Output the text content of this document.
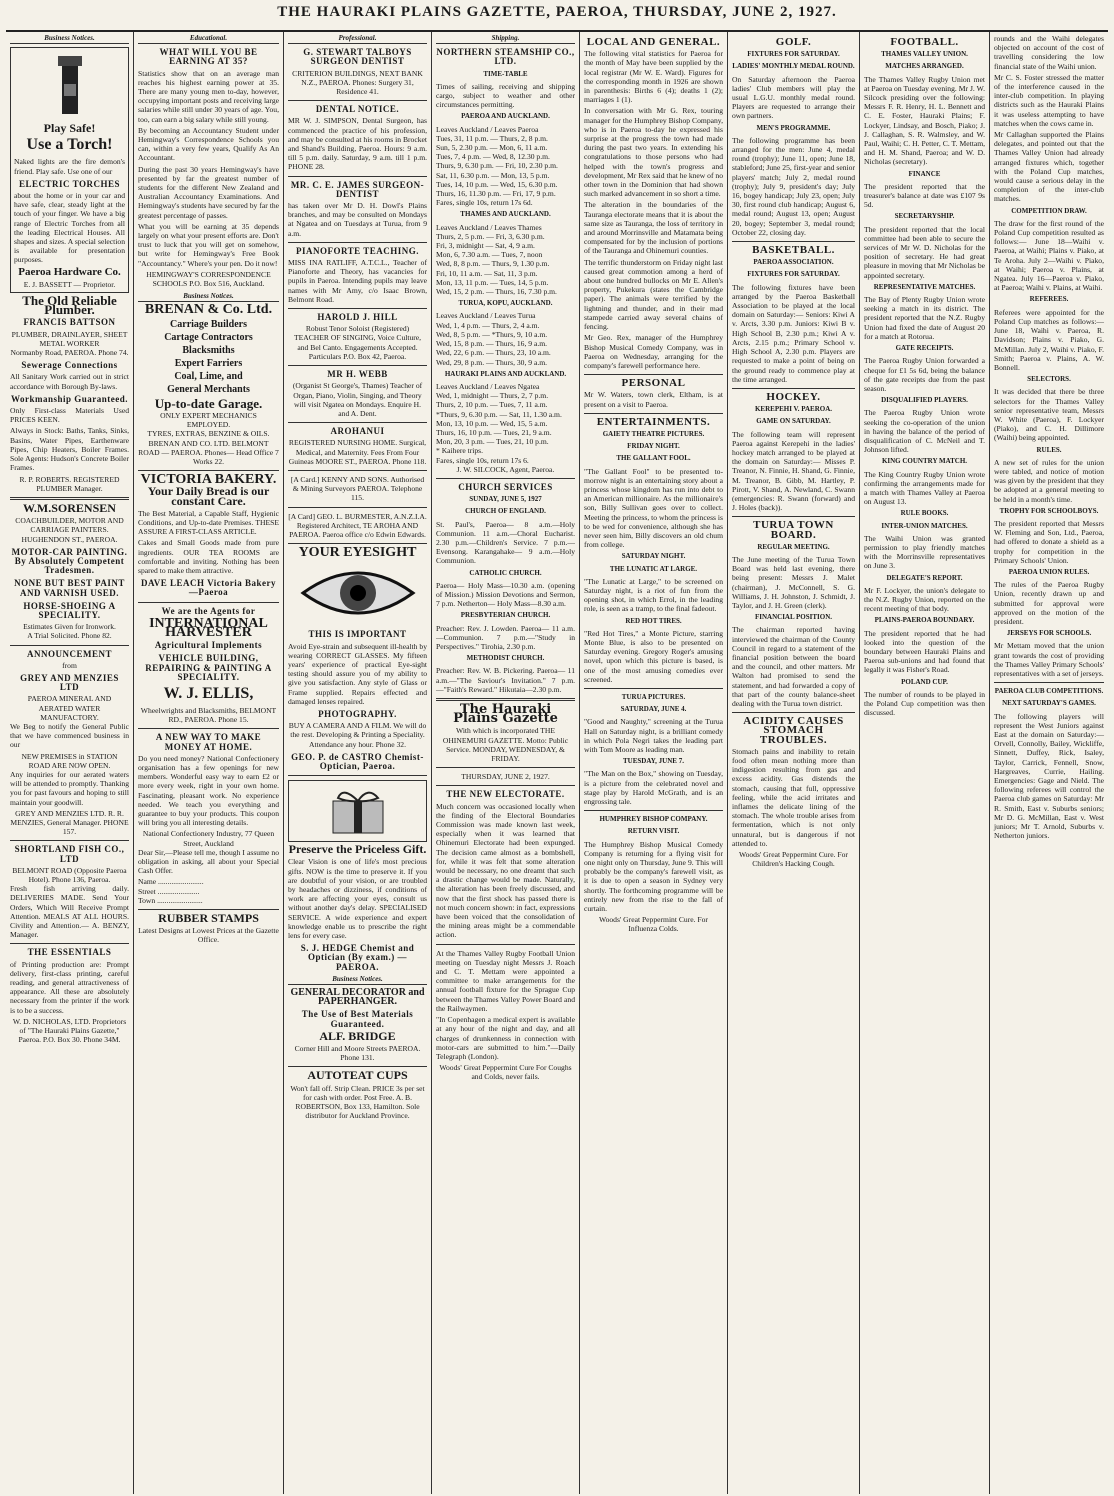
THE HAURAKI PLAINS GAZETTE, PAEROA, THURSDAY, JUNE 2, 1927.
Business Notices.
Play Safe!
Use a Torch!

Naked lights are the fire demon's friend. Play safe. Use one of our

ELECTRIC TORCHES

about the home or in your car and have safe, clear, steady light at the touch of your finger. We have a big range of Electric Torches from all the leading Electrical Houses. All shapes and sizes. A special selection is available for presentation purposes.

Paeroa Hardware Co.
E. J. BASSETT — Proprietor.
The Old Reliable Plumber.
FRANCIS BATTSON
PLUMBER, DRAINLAYER, SHEET METAL WORKER
Normanby Road, PAEROA. Phone 74.
Sewerage Connections

All Sanitary Work carried out in strict accordance with Borough By-laws.

Workmanship Guaranteed.

Only First-class Materials Used PRICES KEEN.

Always in Stock: Baths, Tanks, Sinks, Basins, Water Pipes, Earthenware Pipes, Chip Heaters, Boiler Frames. Sole Agents: Hudson's Concrete Boiler Frames.

R. P. ROBERTS. REGISTERED PLUMBER Manager.
W.M.SORENSEN
COACHBUILDER, MOTOR AND CARRIAGE PAINTERS. HUGHENDON ST., PAEROA.
MOTOR-CAR PAINTING. By Absolutely Competent Tradesmen.
NONE BUT BEST PAINT AND VARNISH USED.
HORSE-SHOEING A SPECIALITY.
Estimates Given for Ironwork.
A Trial Solicited. Phone 82.
ANNOUNCEMENT
from
GREY AND MENZIES LTD
PAEROA MINERAL AND AERATED WATER MANUFACTORY.

We Beg to notify the General Public that we have commenced business in our

NEW PREMISES in STATION ROAD ARE NOW OPEN.

Any inquiries for our aerated waters will be attended to promptly. Thanking you for past favours and hoping to still maintain your goodwill.

GREY AND MENZIES LTD. R. R. MENZIES, General Manager. PHONE 157.
SHORTLAND FISH CO., LTD
BELMONT ROAD (Opposite Paeroa Hotel). Phone 136, Paeroa.

Fresh fish arriving daily. DELIVERIES MADE. Send Your Orders, Which Will Receive Prompt Attention. MEALS AT ALL HOURS. Civility and Attention.— A. BENZY, Manager.

THE ESSENTIALS

of Printing production are: Prompt delivery, first-class printing, careful reading, and general attractiveness of appearance. All these are absolutely necessary from the printer if the work is to be a success.

W. D. NICHOLAS, LTD. Proprietors of "The Hauraki Plains Gazette," Paeroa. P.O. Box 30. Phone 34M.
Educational.
WHAT WILL YOU BE EARNING AT 35?

Statistics show that on an average man reaches his highest earning power at 35. There are many young men to-day, however, occupying important posts and receiving large salaries while still under 30 years of age. You, too, can earn a big salary while still young.

By becoming an Accountancy Student under Hemingway's Correspondence Schools you can, within a very few years, Qualify As An Accountant.

During the past 30 years Hemingway's have presented by far the greatest number of students for the different New Zealand and Australian Accountancy Examinations. And Hemingway's students have secured by far the greatest percentage of passes.

What you will be earning at 35 depends largely on what your present efforts are. Don't trust to luck that you will get on somehow, but write for Hemingway's Free Book "Accountancy." Where's your pen. Do it now!

HEMINGWAY'S CORRESPONDENCE SCHOOLS P.O. Box 516, Auckland.
Business Notices.
BRENAN & Co. Ltd.
Carriage Builders
Cartage Contractors
Blacksmiths
Expert Farriers
Coal, Lime, and
General Merchants
Up-to-date Garage.
ONLY EXPERT MECHANICS EMPLOYED.
TYRES, EXTRAS, BENZINE & OILS.
BRENAN AND CO. LTD. BELMONT ROAD — PAEROA. Phones— Head Office 7 Works 22.
VICTORIA BAKERY.
Your Daily Bread is our constant Care.

The Best Material, a Capable Staff, Hygienic Conditions, and Up-to-date Premises. THESE ASSURE A FIRST-CLASS ARTICLE.

Cakes and Small Goods made from pure ingredients. OUR TEA ROOMS are comfortable and inviting. Nothing has been spared to make them attractive.

DAVE LEACH Victoria Bakery—Paeroa
We are the Agents for
INTERNATIONAL HARVESTER
Agricultural Implements
VEHICLE BUILDING, REPAIRING & PAINTING A SPECIALITY.
W. J. ELLIS,
Wheelwrights and Blacksmiths, BELMONT RD., PAEROA. Phone 15.
A NEW WAY TO MAKE MONEY AT HOME.

Do you need money? National Confectionery organisation has a few openings for new members. Wonderful easy way to earn £2 or more every week, right in your own home. Fascinating, pleasant work. No experience needed. We teach you everything and guarantee to buy your products. This coupon will bring you all interesting details.

National Confectionery Industry, 77 Queen Street, Auckland

Dear Sir,—Please tell me, though I assume no obligation in asking, all about your Special Cash Offer.

Name ........................
Street ......................
Town ........................
RUBBER STAMPS
Latest Designs at Lowest Prices at the Gazette Office.
Professional.
G. STEWART TALBOYS SURGEON DENTIST
CRITERION BUILDINGS, NEXT BANK N.Z., PAEROA. Phones: Surgery 31, Residence 41.
DENTAL NOTICE.

MR W. J. SIMPSON, Dental Surgeon, has commenced the practice of his profession, and may be consulted at his rooms in Brocket and Shand's Building, Paeroa. Hours: 9 a.m. till 5 p.m. daily. Saturday, 9 a.m. till 1 p.m. PHONE 28.

MR. C. E. JAMES SURGEON-DENTIST

has taken over Mr D. H. Dowl's Plains branches, and may be consulted on Mondays at Ngatea and on Tuesdays at Turua, from 9 a.m.

PIANOFORTE TEACHING.

MISS INA RATLIFF, A.T.C.L., Teacher of Pianoforte and Theory, has vacancies for pupils in Paeroa. Intending pupils may leave names with Mr Amy, c/o Isaac Brown, Belmont Road.

HAROLD J. HILL
Robust Tenor Soloist (Registered) TEACHER OF SINGING, Voice Culture, and Bel Canto. Engagements Accepted. Particulars P.O. Box 42, Paeroa.
MR H. WEBB
(Organist St George's, Thames) Teacher of Organ, Piano, Violin, Singing, and Theory will visit Ngatea on Mondays. Enquire H. and A. Dent.
AROHANUI
REGISTERED NURSING HOME. Surgical, Medical, and Maternity. Fees From Four Guineas MOORE ST., PAEROA. Phone 118.
[A Card.] KENNY AND SONS. Authorised & Mining Surveyors PAEROA. Telephone 115.
[A Card] GEO. L. BURMESTER, A.N.Z.I.A. Registered Architect, TE AROHA AND PAEROA. Paeroa office c/o Edwin Edwards.
YOUR EYESIGHT
THIS IS IMPORTANT

Avoid Eye-strain and subsequent ill-health by wearing CORRECT GLASSES. My fifteen years' experience of practical Eye-sight testing should assure you of my ability to give you satisfaction. Any style of Glass or Frame supplied. Repairs effected and damaged lenses repaired.

PHOTOGRAPHY.
BUY A CAMERA AND A FILM. We will do the rest. Developing & Printing a Speciality. Attendance any hour. Phone 32.
GEO. P. de CASTRO Chemist-Optician, Paeroa.
Preserve the Priceless Gift.

Clear Vision is one of life's most precious gifts. NOW is the time to preserve it. If you are doubtful of your vision, or are troubled by headaches or dizziness, if conditions of work are affecting your eyes, consult us without another day's delay. SPECIALISED SERVICE. A wide experience and expert knowledge enable us to prescribe the right lens for every case.

S. J. HEDGE Chemist and Optician (By exam.) — PAEROA.
Business Notices.
GENERAL DECORATOR and PAPERHANGER.
The Use of Best Materials Guaranteed.
ALF. BRIDGE
Corner Hill and Moore Streets PAEROA. Phone 131.
AUTOTEAT CUPS
Won't fall off. Strip Clean. PRICE 3s per set for cash with order. Post Free. A. B. ROBERTSON, Box 133, Hamilton. Sole distributor for Auckland Province.
Shipping.
NORTHERN STEAMSHIP CO., LTD.
TIME-TABLE

Times of sailing, receiving and shipping cargo, subject to weather and other circumstances permitting.

PAEROA AND AUCKLAND.
Leaves Auckland / Leaves Paeroa
Tues, 31, 11 p.m. — Thurs, 2, 8 p.m.
Sun, 5, 2.30 p.m. — Mon, 6, 11 a.m.
Tues, 7, 4 p.m. — Wed, 8, 12.30 p.m.
Thurs, 9, 6.30 p.m. — Fri, 10, 2.30 p.m.
Sat, 11, 6.30 p.m. — Mon, 13, 5 p.m.
Tues, 14, 10 p.m. — Wed, 15, 6.30 p.m.
Thurs, 16, 11.30 p.m. — Fri, 17, 9 p.m.
Fares, single 10s, return 17s 6d.
THAMES AND AUCKLAND.
Leaves Auckland / Leaves Thames
Thurs, 2, 5 p.m. — Fri, 3, 6.30 p.m.
Fri, 3, midnight — Sat, 4, 9 a.m.
Mon, 6, 7.30 a.m. — Tues, 7, noon
Wed, 8, 8 p.m. — Thurs, 9, 1.30 p.m.
Fri, 10, 11 a.m. — Sat, 11, 3 p.m.
Mon, 13, 11 p.m. — Tues, 14, 5 p.m.
Wed, 15, 2 p.m. — Thurs, 16, 7.30 p.m.
TURUA, KOPU, AUCKLAND.
Leaves Auckland / Leaves Turua
Wed, 1, 4 p.m. — Thurs, 2, 4 a.m.
Wed, 8, 5 p.m. — *Thurs, 9, 10 a.m.
Wed, 15, 8 p.m. — Thurs, 16, 9 a.m.
Wed, 22, 6 p.m. — Thurs, 23, 10 a.m.
Wed, 29, 8 p.m. — Thurs, 30, 9 a.m.
HAURAKI PLAINS AND AUCKLAND.
Leaves Auckland / Leaves Ngatea
Wed, 1, midnight — Thurs, 2, 7 p.m.
Thurs, 2, 10 p.m. — Tues, 7, 11 a.m.
*Thurs, 9, 6.30 p.m. — Sat, 11, 1.30 a.m.
Mon, 13, 10 p.m. — Wed, 15, 5 a.m.
Thurs, 16, 10 p.m. — Tues, 21, 9 a.m.
Mon, 20, 3 p.m. — Tues, 21, 10 p.m.
* Kaihere trips.
Fares, single 10s, return 17s 6.
J. W. SILCOCK, Agent, Paeroa.
CHURCH SERVICES
SUNDAY, JUNE 5, 1927
CHURCH OF ENGLAND.

St. Paul's, Paeroa— 8 a.m.—Holy Communion. 11 a.m.—Choral Eucharist. 2.30 p.m.—Children's Service. 7 p.m.—Evensong. Karangahake— 9 a.m.—Holy Communion.

CATHOLIC CHURCH.

Paeroa— Holy Mass—10.30 a.m. (opening of Mission.) Mission Devotions and Sermon, 7 p.m. Netherton— Holy Mass—8.30 a.m.

PRESBYTERIAN CHURCH.

Preacher: Rev. J. Lowden. Paeroa— 11 a.m.—Communion. 7 p.m.—"Study in Perspectives." Tirohia, 2.30 p.m.

METHODIST CHURCH.

Preacher: Rev. W. B. Pickering. Paeroa— 11 a.m.—"The Saviour's Invitation." 7 p.m.—"Faith's Reward." Hikutaia—2.30 p.m.

The Hauraki Plains Gazette
With which is incorporated THE OHINEMURI GAZETTE. Motto: Public Service. MONDAY, WEDNESDAY, & FRIDAY.
THURSDAY, JUNE 2, 1927.
THE NEW ELECTORATE.

Much concern was occasioned locally when the finding of the Electoral Boundaries Commission was made known last week, especially when it was learned that Ohinemuri Electorate had been expunged. The decision came almost as a bombshell, for, while it was felt that some alteration would be necessary, no one dreamt that such a drastic change would be made. Naturally, the alteration has been freely discussed, and now that the first shock has passed there is not much concern shown: in fact, expressions have been voiced that the consolidation of the mining areas might be a commendable action.

At the Thames Valley Rugby Football Union meeting on Tuesday night Messrs J. Roach and C. T. Mettam were appointed a committee to make arrangements for the annual football fixture for the Sprague Cup between the Thames Valley Power Board and the Railwaymen.

"In Copenhagen a medical expert is available at any hour of the night and day, and all charges of drunkenness in connection with motor-cars are submitted to him."—Daily Telegraph (London).

Woods' Great Peppermint Cure For Coughs and Colds, never fails.
LOCAL AND GENERAL.

The following vital statistics for Paeroa for the month of May have been supplied by the local registrar (Mr W. E. Ward). Figures for the corresponding month in 1926 are shown in parenthesis: Births 6 (4); deaths 1 (2); marriages 1 (1).

In conversation with Mr G. Rex, touring manager for the Humphrey Bishop Company, who is in Paeroa to-day he expressed his surprise at the progress the town had made during the past two years. In extending his congratulations to those persons who had helped with the town's progress and development, Mr Rex said that he knew of no other town in the Dominion that had shown such marked advancement in so short a time.

The alteration in the boundaries of the Tauranga electorate means that it is about the same size as Tauranga, the loss of territory in and around Morrinsville and Matamata being compensated for by the inclusion of portions of the Tauranga and Ohinemuri counties.

The terrific thunderstorm on Friday night last caused great commotion among a herd of about one hundred bullocks on Mr E. Allen's property, Pukekura (states the Cambridge paper). The animals were terrified by the lightning and thunder, and in their mad stampede carried away several chains of fencing.

Mr Geo. Rex, manager of the Humphrey Bishop Musical Comedy Company, was in Paeroa on Wednesday, arranging for the company's farewell performance here.

PERSONAL

Mr W. Waters, town clerk, Eltham, is at present on a visit to Paeroa.

ENTERTAINMENTS.
GAIETY THEATRE PICTURES.
FRIDAY NIGHT.
THE GALLANT FOOL.

"The Gallant Fool" to be presented to-morrow night is an entertaining story about a princess whose kingdom has run into debt to an American millionaire. As the millionaire's son, Billy Sullivan goes over to collect. Meeting the princess, to whom the princess is to be wed for convenience, although she has never seen him, Billy discovers an old chum from college.

SATURDAY NIGHT.
THE LUNATIC AT LARGE.

"The Lunatic at Large," to be screened on Saturday night, is a riot of fun from the opening shot, in which Errol, in the leading role, is seen as a tramp, to the final fadeout.

RED HOT TIRES.

"Red Hot Tires," a Monte Picture, starring Monte Blue, is also to be presented on Saturday evening. Gregory Roger's amusing novel, upon which this picture is based, is one of the most amusing comedies ever screened.

TURUA PICTURES.
SATURDAY, JUNE 4.

"Good and Naughty," screening at the Turua Hall on Saturday night, is a brilliant comedy in which Pola Negri takes the leading part with Tom Moore as leading man.

TUESDAY, JUNE 7.

"The Man on the Box," showing on Tuesday, is a picture from the celebrated novel and stage play by Harold McGrath, and is an engrossing tale.

HUMPHREY BISHOP COMPANY.
RETURN VISIT.

The Humphrey Bishop Musical Comedy Company is returning for a flying visit for one night only on Thursday, June 9. This will probably be the company's farewell visit, as it is due to open a season in Sydney very shortly. The forthcoming programme will be entirely new from the rise to the fall of curtain.

Woods' Great Peppermint Cure. For Influenza Colds.
GOLF.
FIXTURES FOR SATURDAY.
LADIES' MONTHLY MEDAL ROUND.

On Saturday afternoon the Paeroa ladies' Club members will play the usual L.G.U. monthly medal round. Players are requested to arrange their own partners.

MEN'S PROGRAMME.

The following programme has been arranged for the men: June 4, medal round (trophy); June 11, open; June 18, stableford; June 25, first-year and senior players' match; July 2, medal round (trophy); July 9, president's day; July 16, bogey handicap; July 23, open; July 30, first round club handicap; August 6, medal round; August 13, open; August 20, bogey; September 3, medal round; October 22, closing day.

BASKETBALL.
PAEROA ASSOCIATION.
FIXTURES FOR SATURDAY.

The following fixtures have been arranged by the Paeroa Basketball Association to be played at the local domain on Saturday:— Seniors: Kiwi A v. Arcts, 3.30 p.m. Juniors: Kiwi B v. High School B, 2.30 p.m.; Kiwi A v. Arcts, 2.15 p.m.; Primary School v. High School A, 2.30 p.m. Players are requested to make a point of being on the ground ready to commence play at the time arranged.

HOCKEY.
KEREPEHI V. PAEROA.
GAME ON SATURDAY.

The following team will represent Paeroa against Kerepehi in the ladies' hockey match arranged to be played at the domain on Saturday:— Misses P. Treanor, N. Finnie, H. Shand, G. Finnie, M. Treanor, B. Gibb, M. Hartley, P. Pirott, V. Shand, A. Newland, C. Swann (emergencies: R. Swann (forward) and J. Holes (back)).

TURUA TOWN BOARD.
REGULAR MEETING.

The June meeting of the Turua Town Board was held last evening, there being present: Messrs J. Malet (chairman), J. McConnell, S. G. Williams, J. H. Johnston, J. Schmidt, J. Taylor, and J. H. Green (clerk).

FINANCIAL POSITION.

The chairman reported having interviewed the chairman of the County Council in regard to a statement of the financial position between the board and the council, and other matters. Mr Walton had promised to send the statement, and had forwarded a copy of that part of the county balance-sheet dealing with the Turua town district.

ACIDITY CAUSES STOMACH TROUBLES.

Stomach pains and inability to retain food often mean nothing more than indigestion resulting from gas and excess acidity. Gas distends the stomach, causing that full, oppressive feeling, while the acid irritates and inflames the delicate lining of the stomach. The whole trouble arises from fermentation, which is not only unnatural, but is dangerous if not attended to.

Woods' Great Peppermint Cure. For Children's Hacking Cough.
FOOTBALL.
THAMES VALLEY UNION.
MATCHES ARRANGED.

The Thames Valley Rugby Union met at Paeroa on Tuesday evening. Mr J. W. Silcock presiding over the following: Messrs F. R. Henry, H. L. Bennett and C. E. Foster, Hauraki Plains; F. Lockyer, Lindsay, and Bosch, Piako; J. J. Callaghan, S. R. Walmsley, and W. Paul, Waihi; C. H. Petter, C. T. Mettam, and H. M. Shand, Paeroa; and W. D. Nicholas (secretary).

FINANCE

The president reported that the treasurer's balance at date was £107 9s 5d.

SECRETARYSHIP.

The president reported that the local committee had been able to secure the services of Mr W. D. Nicholas for the position of secretary. He had great pleasure in moving that Mr Nicholas be appointed secretary.

REPRESENTATIVE MATCHES.

The Bay of Plenty Rugby Union wrote seeking a match in its district. The president reported that the N.Z. Rugby Union had fixed the date of August 20 for a match at Rotorua.

GATE RECEIPTS.

The Paeroa Rugby Union forwarded a cheque for £1 5s 6d, being the balance of the gate receipts due from the past season.

DISQUALIFIED PLAYERS.

The Paeroa Rugby Union wrote seeking the co-operation of the union in having the balance of the period of disqualification of C. McNeil and T. Johnson lifted.

KING COUNTRY MATCH.

The King Country Rugby Union wrote confirming the arrangements made for a match with Thames Valley at Paeroa on August 13.

RULE BOOKS.
INTER-UNION MATCHES.

The Waihi Union was granted permission to play friendly matches with the Morrinsville representatives on June 3.

DELEGATE'S REPORT.

Mr F. Lockyer, the union's delegate to the N.Z. Rugby Union, reported on the recent meeting of that body.

PLAINS-PAEROA BOUNDARY.

The president reported that he had looked into the question of the boundary between Hauraki Plains and Paeroa sub-unions and had found that legally it was Fisher's Road.

POLAND CUP.

The number of rounds to be played in the Poland Cup competition was then discussed.

rounds and the Waihi delegates objected on account of the cost of travelling considering the low financial state of the Waihi union.

Mr C. S. Foster stressed the matter of the interference caused in the inter-club competition. In playing districts such as the Hauraki Plains it was useless attempting to have matches when the cows came in.

Mr Callaghan supported the Plains delegates, and pointed out that the Thames Valley Union had already arranged fixtures which, together with the Poland Cup matches, would cause a serious delay in the completion of the inter-club matches.

COMPETITION DRAW.

The draw for the first round of the Poland Cup competition resulted as follows:— June 18—Waihi v. Paeroa, at Waihi; Plains v. Piako, at Te Aroha. July 2—Waihi v. Piako, at Waihi; Paeroa v. Plains, at Ngatea. July 16—Paeroa v. Piako, at Paeroa; Waihi v. Plains, at Waihi.

REFEREES.

Referees were appointed for the Poland Cup matches as follows:— June 18, Waihi v. Paeroa, R. Davidson; Plains v. Piako, G. McMillan. July 2, Waihi v. Piako, F. Smith; Paeroa v. Plains, A. W. Bonnell.

SELECTORS.

It was decided that there be three selectors for the Thames Valley senior representative team, Messrs W. White (Paeroa), F. Lockyer (Piako), and C. H. Dillimore (Waihi) being appointed.

RULES.

A new set of rules for the union were tabled, and notice of motion was given by the president that they be adopted at a general meeting to be held in a month's time.

TROPHY FOR SCHOOLBOYS.

The president reported that Messrs W. Fleming and Son, Ltd., Paeroa, had offered to donate a shield as a trophy for competition in the Primary Schools' Union.

PAEROA UNION RULES.

The rules of the Paeroa Rugby Union, recently drawn up and submitted for approval were approved on the motion of the president.

JERSEYS FOR SCHOOLS.

Mr Mettam moved that the union grant towards the cost of providing the Thames Valley Primary Schools' representatives with a set of jerseys.

PAEROA CLUB COMPETITIONS.
NEXT SATURDAY'S GAMES.

The following players will represent the West Juniors against East at the domain on Saturday:— Orvell, Connolly, Bailey, Wickliffe, Sinnett, Duffey, Rick, Isaley, Taylor, Carrick, Fennell, Snow, Hargreaves, Currie, Hailing. Emergencies: Gage and Nield. The following referees will control the Paeroa club games on Saturday: Mr R. Smith, East v. Suburbs seniors; Mr D. G. McMillan, East v. West juniors; Mr T. Arnold, Suburbs v. Netherton juniors.
